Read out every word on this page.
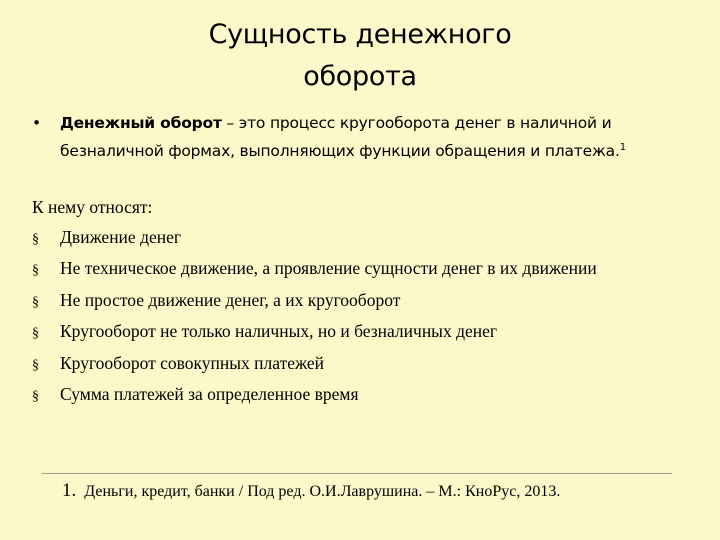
Сущность денежного
оборота
•	Денежный оборот – это процесс кругооборота денег в наличной и безналичной формах, выполняющих функции обращения и платежа.$^1$
К нему относят:
§	Движение денег
§	Не техническое движение, а проявление сущности денег в их движении
§	Не простое движение денег, а их кругооборот
§	Кругооборот не только наличных, но и безналичных денег
§	Кругооборот совокупных платежей
§	Сумма платежей за определенное время
1. Деньги, кредит, банки / Под ред. О.И.Лаврушина. – М.: КноРус, 2013.
